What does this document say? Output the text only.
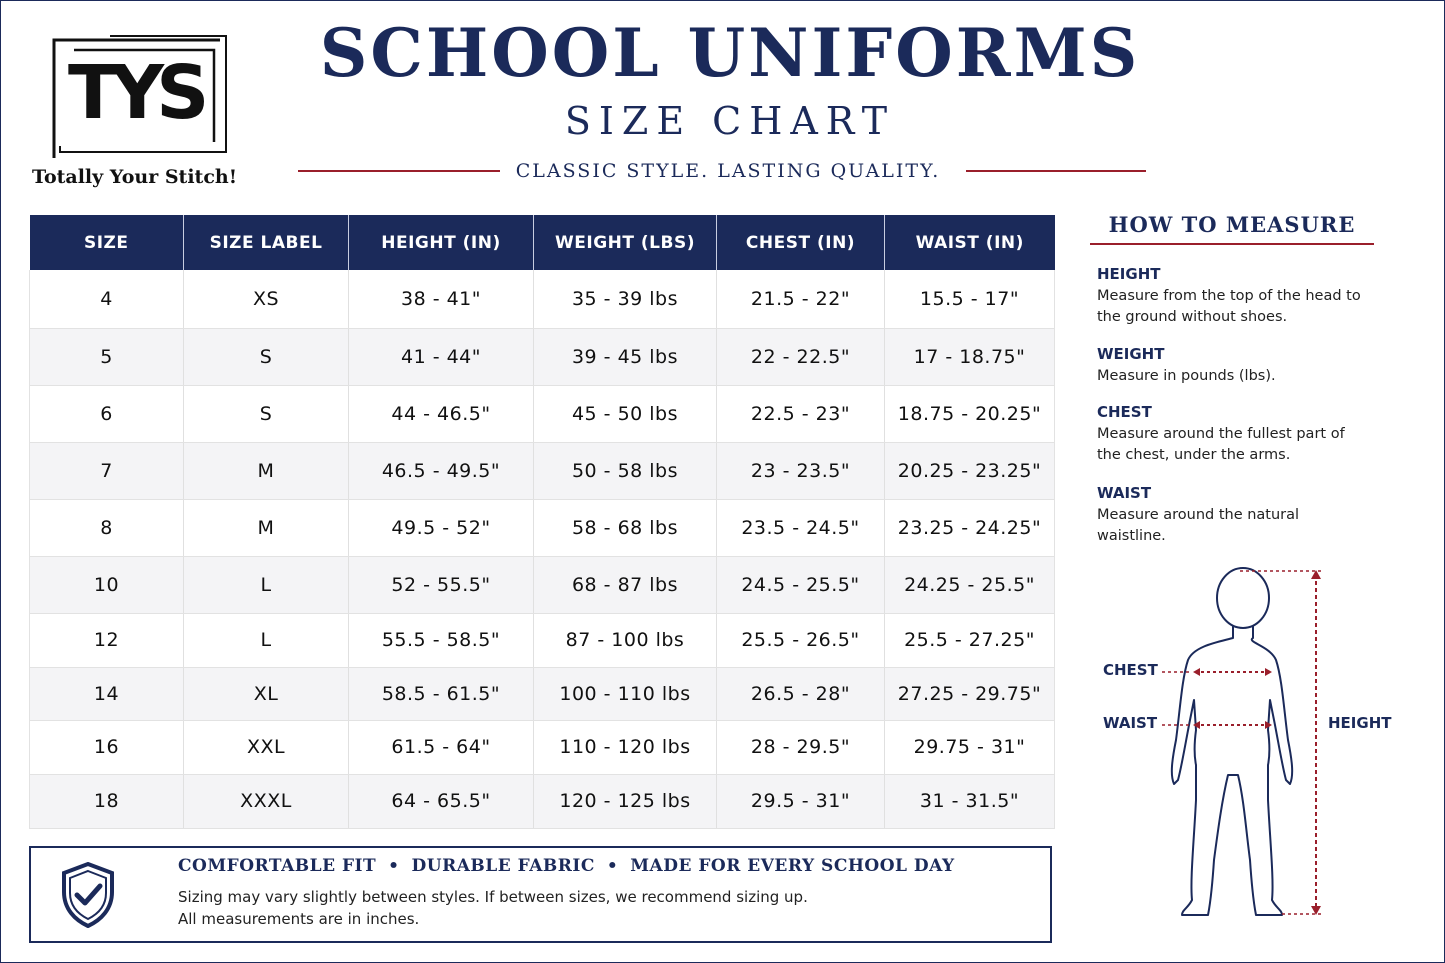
TYS
Totally Your Stitch!
SCHOOL UNIFORMS
SIZE CHART
CLASSIC STYLE. LASTING QUALITY.
SIZE	SIZE LABEL	HEIGHT (IN)	WEIGHT (LBS)	CHEST (IN)	WAIST (IN)
4	XS	38 - 41"	35 - 39 lbs	21.5 - 22"	15.5 - 17"
5	S	41 - 44"	39 - 45 lbs	22 - 22.5"	17 - 18.75"
6	S	44 - 46.5"	45 - 50 lbs	22.5 - 23"	18.75 - 20.25"
7	M	46.5 - 49.5"	50 - 58 lbs	23 - 23.5"	20.25 - 23.25"
8	M	49.5 - 52"	58 - 68 lbs	23.5 - 24.5"	23.25 - 24.25"
10	L	52 - 55.5"	68 - 87 lbs	24.5 - 25.5"	24.25 - 25.5"
12	L	55.5 - 58.5"	87 - 100 lbs	25.5 - 26.5"	25.5 - 27.25"
14	XL	58.5 - 61.5"	100 - 110 lbs	26.5 - 28"	27.25 - 29.75"
16	XXL	61.5 - 64"	110 - 120 lbs	28 - 29.5"	29.75 - 31"
18	XXXL	64 - 65.5"	120 - 125 lbs	29.5 - 31"	31 - 31.5"
COMFORTABLE FIT • DURABLE FABRIC • MADE FOR EVERY SCHOOL DAY
Sizing may vary slightly between styles. If between sizes, we recommend sizing up.
All measurements are in inches.
HOW TO MEASURE
HEIGHT
Measure from the top of the head to the ground without shoes.
WEIGHT
Measure in pounds (lbs).
CHEST
Measure around the fullest part of the chest, under the arms.
WAIST
Measure around the natural waistline.
CHEST
WAIST	HEIGHT
